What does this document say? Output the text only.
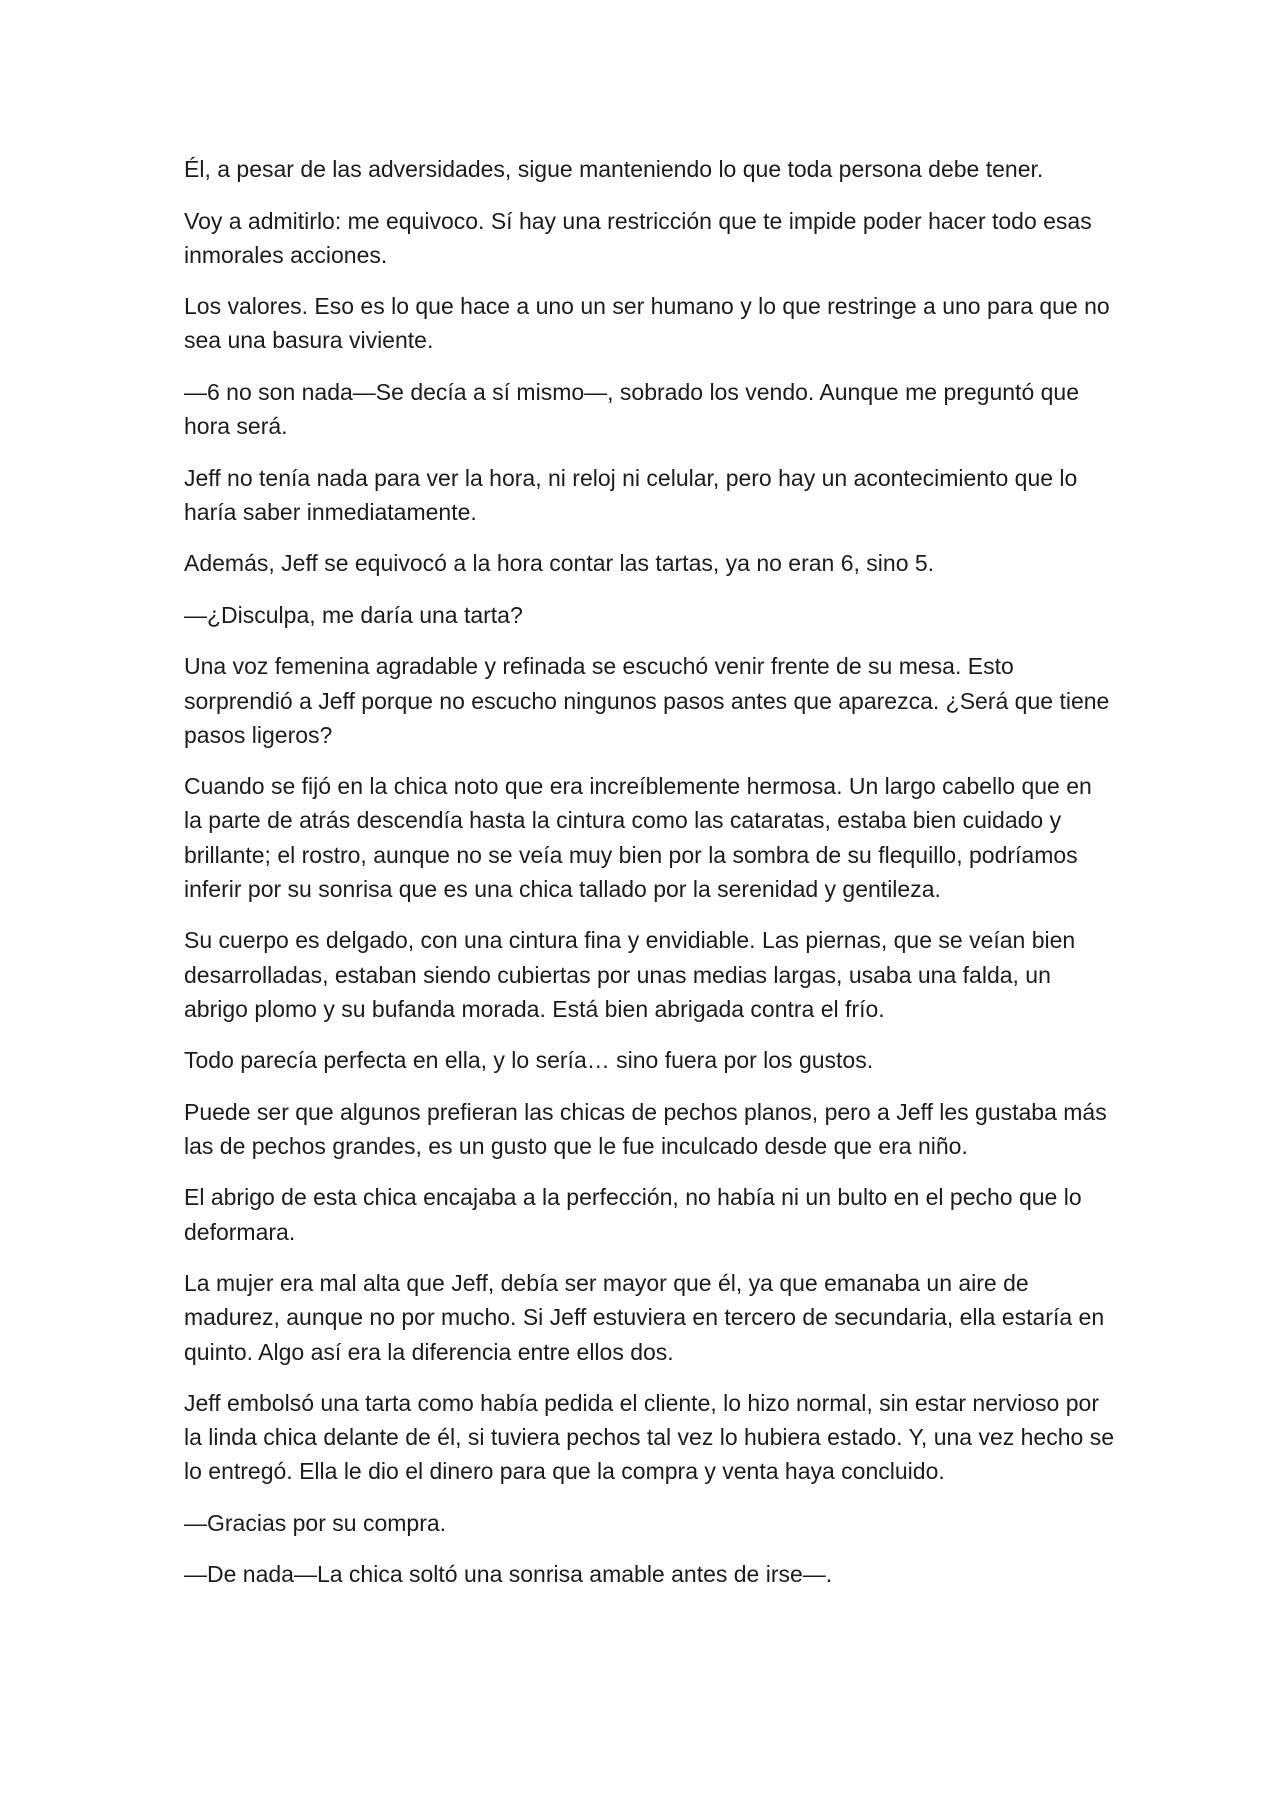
Él, a pesar de las adversidades, sigue manteniendo lo que toda persona debe tener.

Voy a admitirlo: me equivoco. Sí hay una restricción que te impide poder hacer todo esas inmorales acciones.

Los valores. Eso es lo que hace a uno un ser humano y lo que restringe a uno para que no sea una basura viviente.

—6 no son nada—Se decía a sí mismo—, sobrado los vendo. Aunque me preguntó que hora será.

Jeff no tenía nada para ver la hora, ni reloj ni celular, pero hay un acontecimiento que lo haría saber inmediatamente.

Además, Jeff se equivocó a la hora contar las tartas, ya no eran 6, sino 5.

—¿Disculpa, me daría una tarta?

Una voz femenina agradable y refinada se escuchó venir frente de su mesa. Esto sorprendió a Jeff porque no escucho ningunos pasos antes que aparezca. ¿Será que tiene pasos ligeros?

Cuando se fijó en la chica noto que era increíblemente hermosa. Un largo cabello que en la parte de atrás descendía hasta la cintura como las cataratas, estaba bien cuidado y brillante; el rostro, aunque no se veía muy bien por la sombra de su flequillo, podríamos inferir por su sonrisa que es una chica tallado por la serenidad y gentileza.

Su cuerpo es delgado, con una cintura fina y envidiable. Las piernas, que se veían bien desarrolladas, estaban siendo cubiertas por unas medias largas, usaba una falda, un abrigo plomo y su bufanda morada. Está bien abrigada contra el frío.

Todo parecía perfecta en ella, y lo sería… sino fuera por los gustos.

Puede ser que algunos prefieran las chicas de pechos planos, pero a Jeff les gustaba más las de pechos grandes, es un gusto que le fue inculcado desde que era niño.

El abrigo de esta chica encajaba a la perfección, no había ni un bulto en el pecho que lo deformara.

La mujer era mal alta que Jeff, debía ser mayor que él, ya que emanaba un aire de madurez, aunque no por mucho. Si Jeff estuviera en tercero de secundaria, ella estaría en quinto. Algo así era la diferencia entre ellos dos.

Jeff embolsó una tarta como había pedida el cliente, lo hizo normal, sin estar nervioso por la linda chica delante de él, si tuviera pechos tal vez lo hubiera estado. Y, una vez hecho se lo entregó. Ella le dio el dinero para que la compra y venta haya concluido.

—Gracias por su compra.

—De nada—La chica soltó una sonrisa amable antes de irse—.
